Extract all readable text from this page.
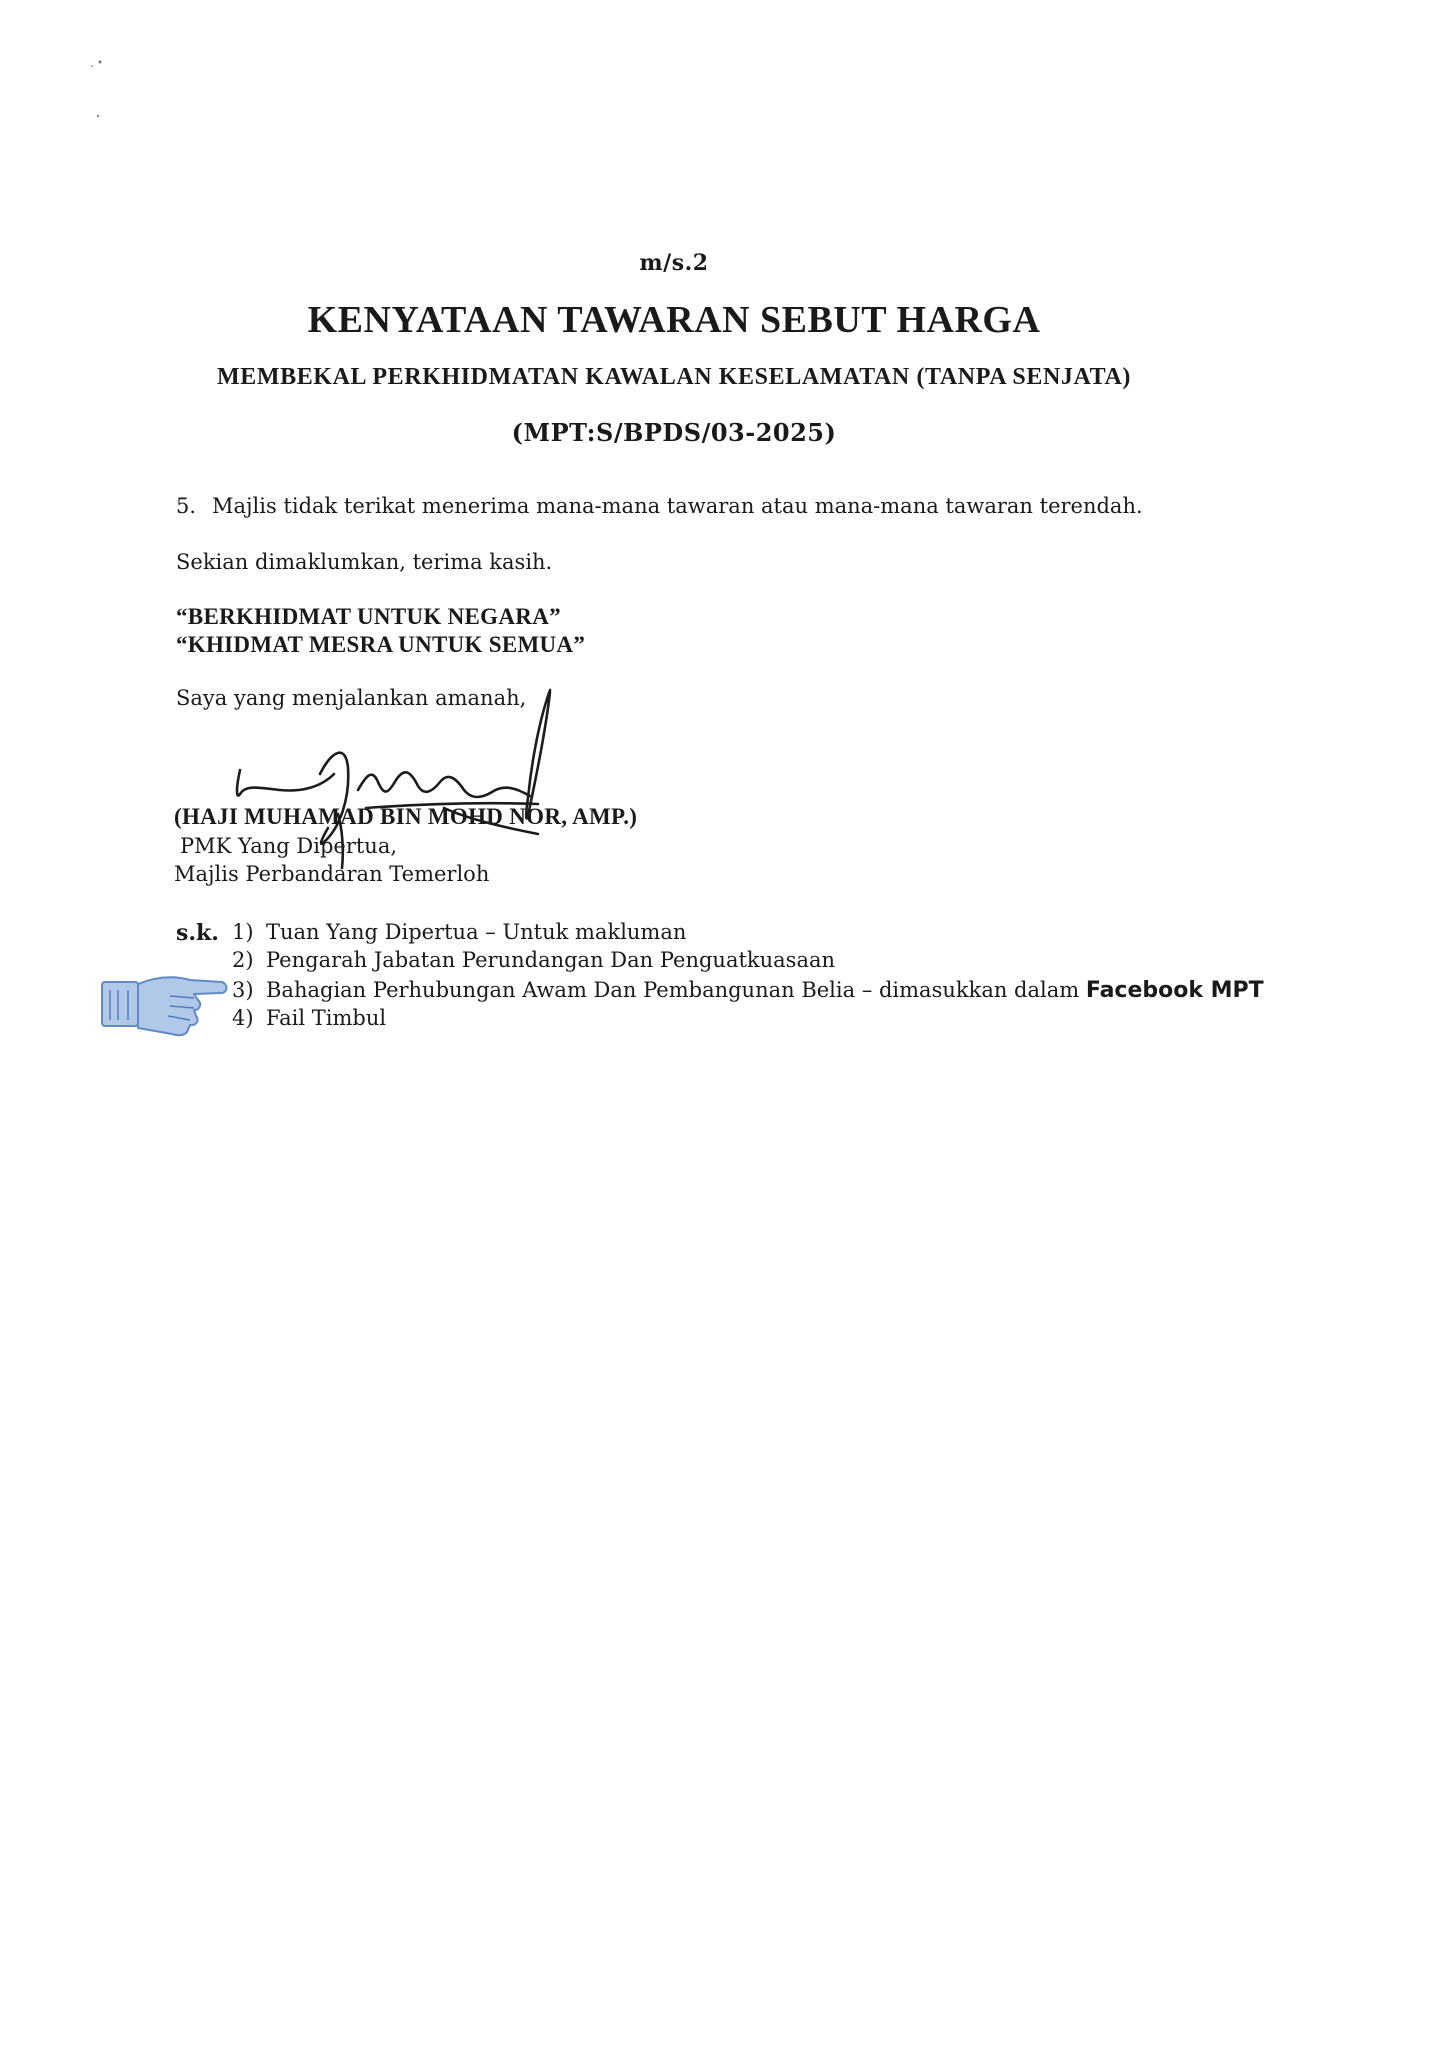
m/s.2
KENYATAAN TAWARAN SEBUT HARGA
MEMBEKAL PERKHIDMATAN KAWALAN KESELAMATAN (TANPA SENJATA)
(MPT:S/BPDS/03-2025)
5. Majlis tidak terikat menerima mana-mana tawaran atau mana-mana tawaran terendah.
Sekian dimaklumkan, terima kasih.
“BERKHIDMAT UNTUK NEGARA”
“KHIDMAT MESRA UNTUK SEMUA”
Saya yang menjalankan amanah,
(HAJI MUHAMAD BIN MOHD NOR, AMP.)
PMK Yang Dipertua,
Majlis Perbandaran Temerloh
s.k. 1) Tuan Yang Dipertua – Untuk makluman
2) Pengarah Jabatan Perundangan Dan Penguatkuasaan
3) Bahagian Perhubungan Awam Dan Pembangunan Belia – dimasukkan dalam Facebook MPT
4) Fail Timbul
